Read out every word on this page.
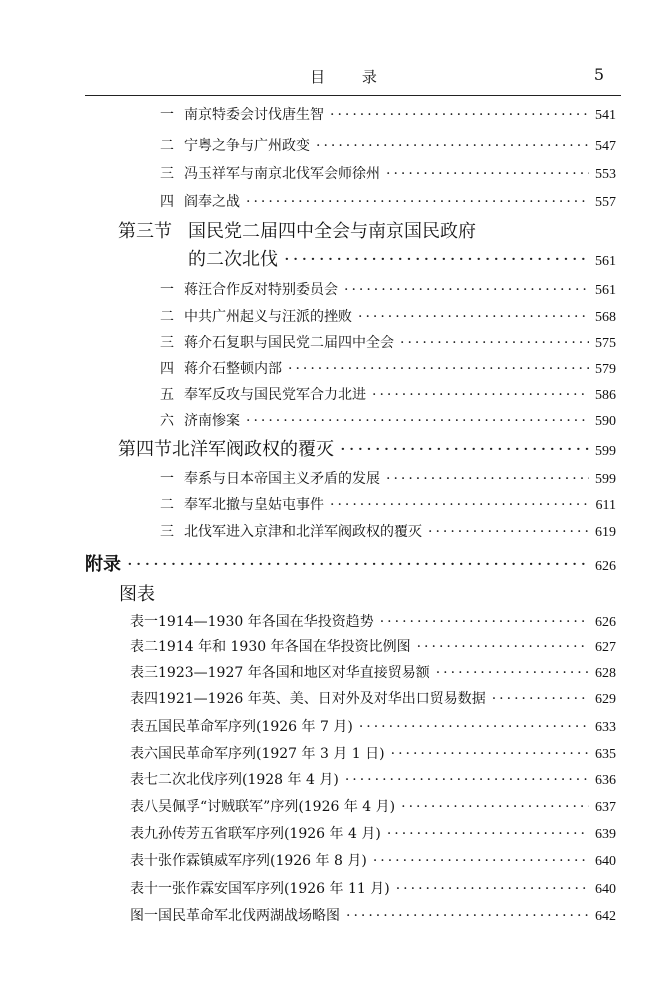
目 录	5
一 南京特委会讨伐唐生智 ·····	541
二 宁粤之争与广州政变 ·····	547
三 冯玉祥军与南京北伐军会师徐州 ·····	553
四 阎奉之战 ·····	557
第三节 国民党二届四中全会与南京国民政府
的二次北伐 ·····	561
一 蒋汪合作反对特别委员会 ·····	561
二 中共广州起义与汪派的挫败 ·····	568
三 蒋介石复职与国民党二届四中全会 ·····	575
四 蒋介石整顿内部 ·····	579
五 奉军反攻与国民党军合力北进 ·····	586
六 济南惨案 ·····	590
第四节 北洋军阀政权的覆灭 ·····	599
一 奉系与日本帝国主义矛盾的发展 ·····	599
二 奉军北撤与皇姑屯事件 ·····	611
三 北伐军进入京津和北洋军阀政权的覆灭 ·····	619
附 录 ·····	626
图表
表一 1914—1930 年各国在华投资趋势 ·····	626
表二 1914 年和 1930 年各国在华投资比例图 ·····	627
表三 1923—1927 年各国和地区对华直接贸易额 ·····	628
表四 1921—1926 年英、美、日对外及对华出口贸易数据 ·····	629
表五 国民革命军序列(1926 年 7 月) ·····	633
表六 国民革命军序列(1927 年 3 月 1 日) ·····	635
表七 二次北伐序列(1928 年 4 月) ·····	636
表八 吴佩孚“讨贼联军”序列(1926 年 4 月) ·····	637
表九 孙传芳五省联军序列(1926 年 4 月) ·····	639
表十 张作霖镇威军序列(1926 年 8 月) ·····	640
表十一 张作霖安国军序列(1926 年 11 月) ·····	640
图一 国民革命军北伐两湖战场略图 ·····	642
